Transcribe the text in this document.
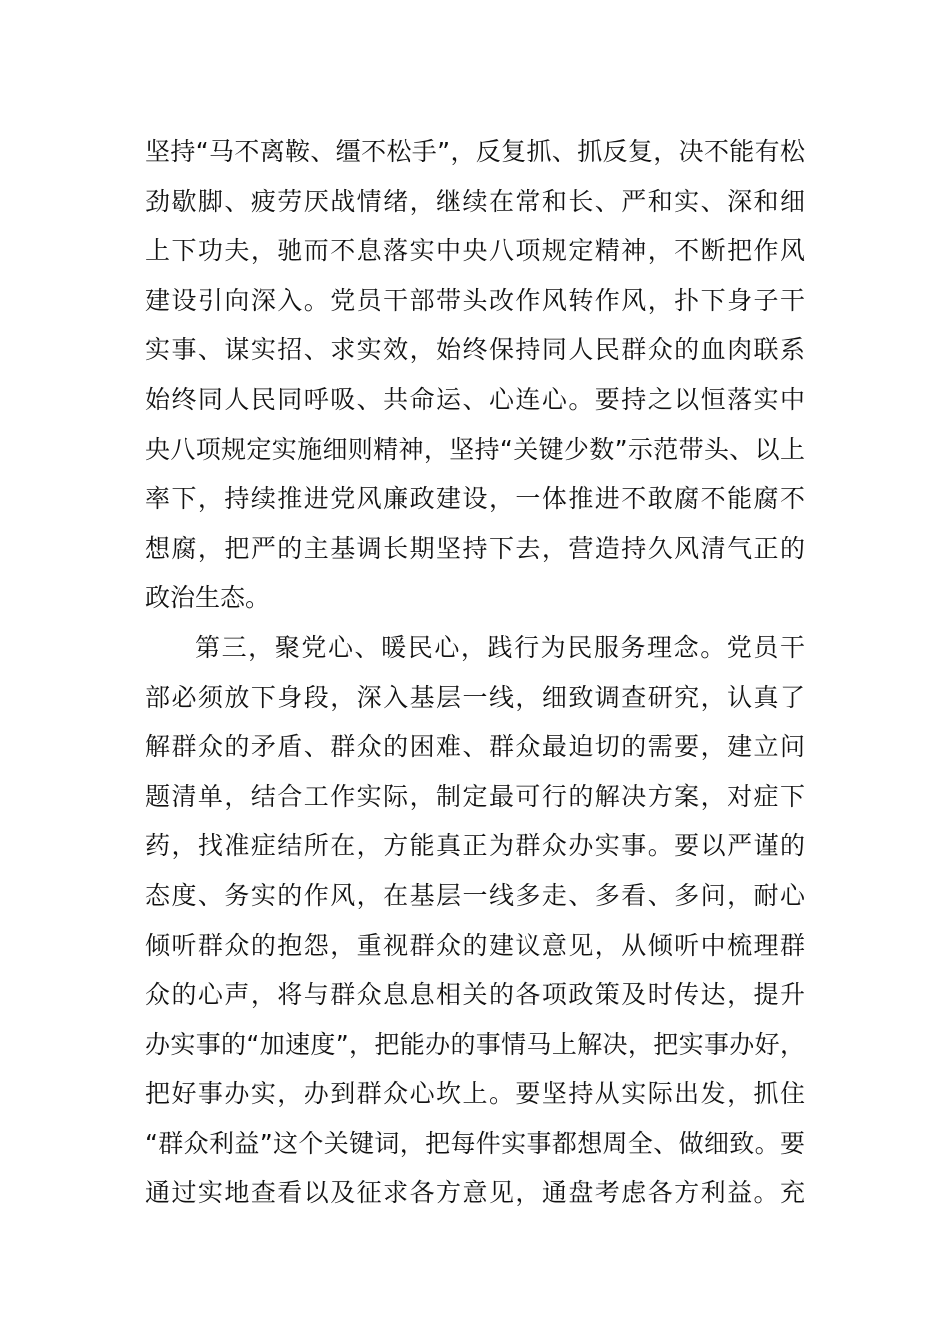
坚持“马不离鞍、缰不松手”，反复抓、抓反复，决不能有松
劲歇脚、疲劳厌战情绪，继续在常和长、严和实、深和细
上下功夫，驰而不息落实中央八项规定精神，不断把作风
建设引向深入。党员干部带头改作风转作风，扑下身子干
实事、谋实招、求实效，始终保持同人民群众的血肉联系
始终同人民同呼吸、共命运、心连心。要持之以恒落实中
央八项规定实施细则精神，坚持“关键少数”示范带头、以上
率下，持续推进党风廉政建设，一体推进不敢腐不能腐不
想腐，把严的主基调长期坚持下去，营造持久风清气正的
政治生态。
第三，聚党心、暖民心，践行为民服务理念。党员干
部必须放下身段，深入基层一线，细致调查研究，认真了
解群众的矛盾、群众的困难、群众最迫切的需要，建立问
题清单，结合工作实际，制定最可行的解决方案，对症下
药，找准症结所在，方能真正为群众办实事。要以严谨的
态度、务实的作风，在基层一线多走、多看、多问，耐心
倾听群众的抱怨，重视群众的建议意见，从倾听中梳理群
众的心声，将与群众息息相关的各项政策及时传达，提升
办实事的“加速度”，把能办的事情马上解决，把实事办好，
把好事办实，办到群众心坎上。要坚持从实际出发，抓住
“群众利益”这个关键词，把每件实事都想周全、做细致。要
通过实地查看以及征求各方意见，通盘考虑各方利益。充
